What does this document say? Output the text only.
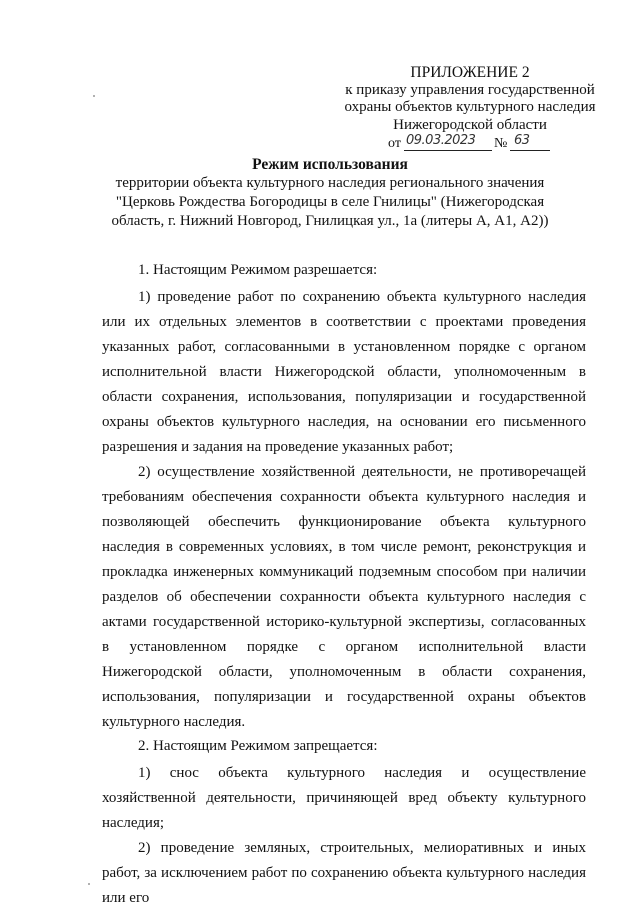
ПРИЛОЖЕНИЕ 2
к приказу управления государственной
охраны объектов культурного наследия
Нижегородской области
от 09.03.2023 № 63
Режим использования
территории объекта культурного наследия регионального значения "Церковь Рождества Богородицы в селе Гнилицы" (Нижегородская область, г. Нижний Новгород, Гнилицкая ул., 1а (литеры А, А1, А2))
1. Настоящим Режимом разрешается:

1) проведение работ по сохранению объекта культурного наследия или их отдельных элементов в соответствии с проектами проведения указанных работ, согласованными в установленном порядке с органом исполнительной власти Нижегородской области, уполномоченным в области сохранения, использования, популяризации и государственной охраны объектов культурного наследия, на основании его письменного разрешения и задания на проведение указанных работ;

2) осуществление хозяйственной деятельности, не противоречащей требованиям обеспечения сохранности объекта культурного наследия и позволяющей обеспечить функционирование объекта культурного наследия в современных условиях, в том числе ремонт, реконструкция и прокладка инженерных коммуникаций подземным способом при наличии разделов об обеспечении сохранности объекта культурного наследия с актами государственной историко-культурной экспертизы, согласованных в установленном порядке с органом исполнительной власти Нижегородской области, уполномоченным в области сохранения, использования, популяризации и государственной охраны объектов культурного наследия.

2. Настоящим Режимом запрещается:

1) снос объекта культурного наследия и осуществление хозяйственной деятельности, причиняющей вред объекту культурного наследия;

2) проведение земляных, строительных, мелиоративных и иных работ, за исключением работ по сохранению объекта культурного наследия или его
